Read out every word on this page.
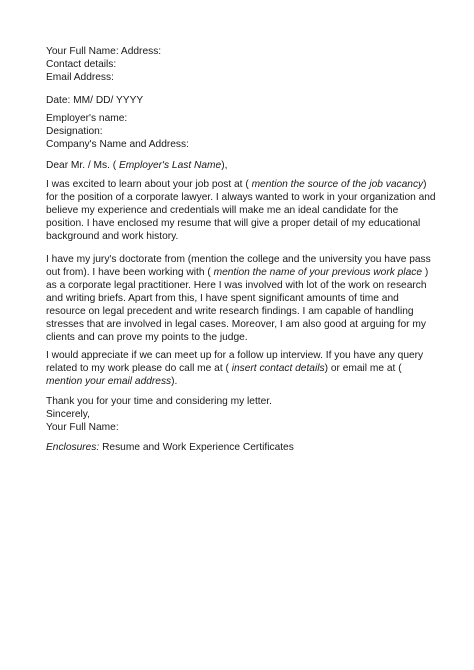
Your Full Name: Address:
Contact details:
Email Address:
Date: MM/ DD/ YYYY
Employer's name:
Designation:
Company's Name and Address:
Dear Mr. / Ms. ( Employer's Last Name),
I was excited to learn about your job post at ( mention the source of the job vacancy) for the position of a corporate lawyer. I always wanted to work in your organization and believe my experience and credentials will make me an ideal candidate for the position. I have enclosed my resume that will give a proper detail of my educational background and work history.
I have my jury's doctorate from (mention the college and the university you have pass out from). I have been working with ( mention the name of your previous work place ) as a corporate legal practitioner. Here I was involved with lot of the work on research and writing briefs. Apart from this, I have spent significant amounts of time and resource on legal precedent and write research findings. I am capable of handling stresses that are involved in legal cases. Moreover, I am also good at arguing for my clients and can prove my points to the judge.
I would appreciate if we can meet up for a follow up interview. If you have any query related to my work please do call me at ( insert contact details) or email me at ( mention your email address).
Thank you for your time and considering my letter.
Sincerely,
Your Full Name:
Enclosures: Resume and Work Experience Certificates
